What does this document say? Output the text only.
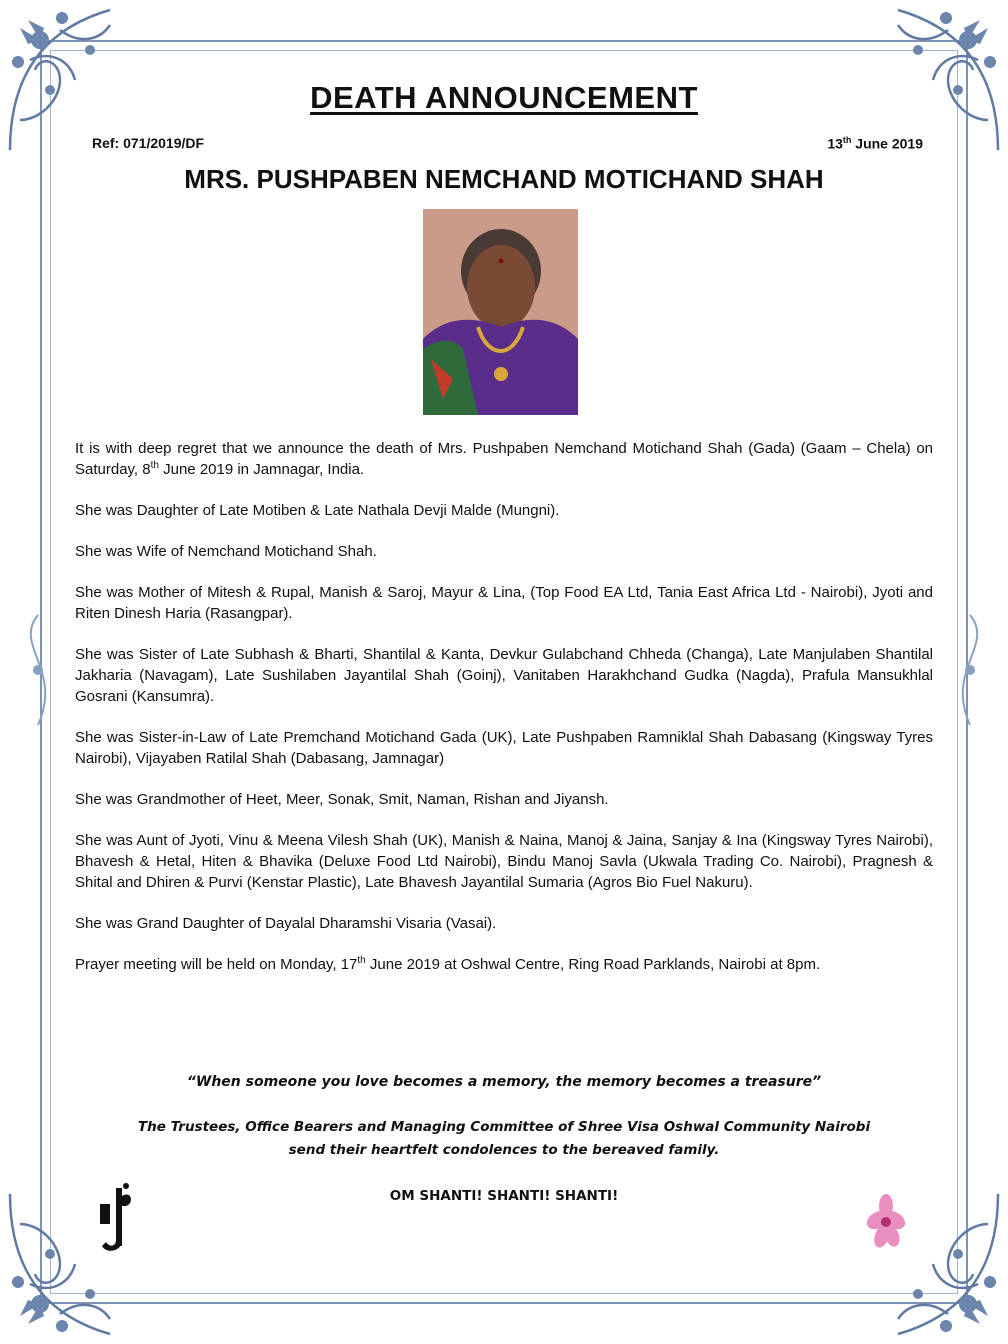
DEATH ANNOUNCEMENT
Ref: 071/2019/DF	13th June 2019
MRS. PUSHPABEN NEMCHAND MOTICHAND SHAH

It is with deep regret that we announce the death of Mrs. Pushpaben Nemchand Motichand Shah (Gada) (Gaam – Chela) on Saturday, 8th June 2019 in Jamnagar, India.

She was Daughter of Late Motiben & Late Nathala Devji Malde (Mungni).

She was Wife of Nemchand Motichand Shah.

She was Mother of Mitesh & Rupal, Manish & Saroj, Mayur & Lina, (Top Food EA Ltd, Tania East Africa Ltd - Nairobi), Jyoti and Riten Dinesh Haria (Rasangpar).

She was Sister of Late Subhash & Bharti, Shantilal & Kanta, Devkur Gulabchand Chheda (Changa), Late Manjulaben Shantilal Jakharia (Navagam), Late Sushilaben Jayantilal Shah (Goinj), Vanitaben Harakhchand Gudka (Nagda), Prafula Mansukhlal Gosrani (Kansumra).

She was Sister-in-Law of Late Premchand Motichand Gada (UK), Late Pushpaben Ramniklal Shah Dabasang (Kingsway Tyres Nairobi), Vijayaben Ratilal Shah (Dabasang, Jamnagar)

She was Grandmother of Heet, Meer, Sonak, Smit, Naman, Rishan and Jiyansh.

She was Aunt of Jyoti, Vinu & Meena Vilesh Shah (UK), Manish & Naina, Manoj & Jaina, Sanjay & Ina (Kingsway Tyres Nairobi), Bhavesh & Hetal, Hiten & Bhavika (Deluxe Food Ltd Nairobi), Bindu Manoj Savla (Ukwala Trading Co. Nairobi), Pragnesh & Shital and Dhiren & Purvi (Kenstar Plastic), Late Bhavesh Jayantilal Sumaria (Agros Bio Fuel Nakuru).

She was Grand Daughter of Dayalal Dharamshi Visaria (Vasai).

Prayer meeting will be held on Monday, 17th June 2019 at Oshwal Centre, Ring Road Parklands, Nairobi at 8pm.

“When someone you love becomes a memory, the memory becomes a treasure”
The Trustees, Office Bearers and Managing Committee of Shree Visa Oshwal Community Nairobi
send their heartfelt condolences to the bereaved family.
OM SHANTI! SHANTI! SHANTI!
